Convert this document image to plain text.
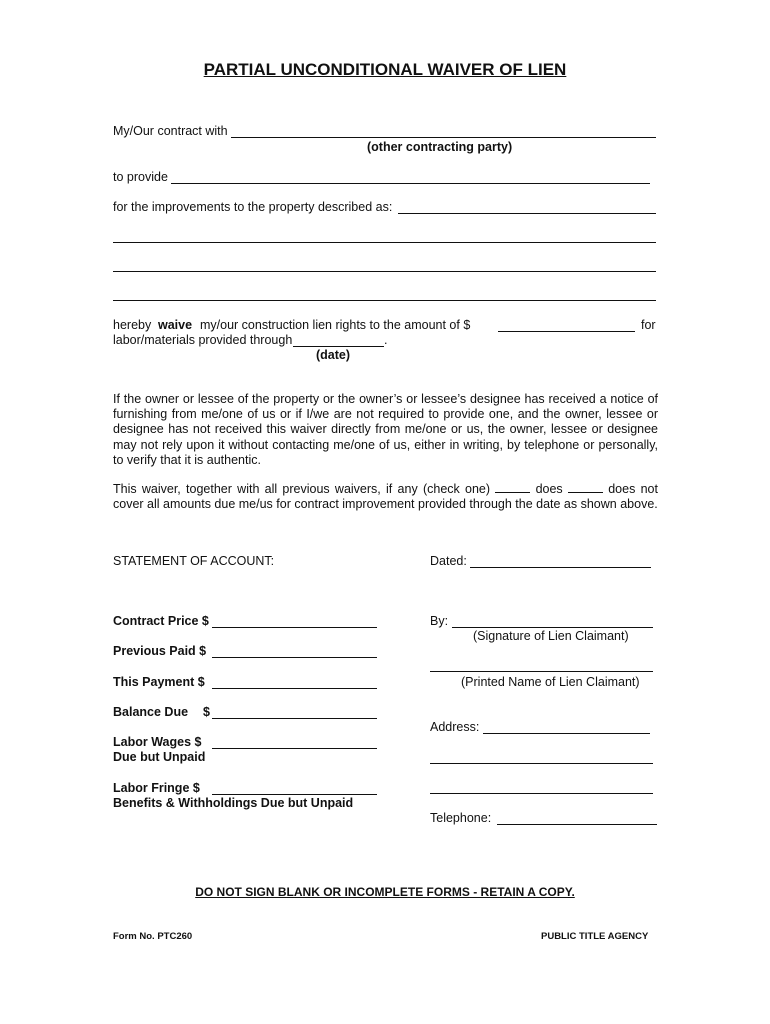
PARTIAL UNCONDITIONAL WAIVER OF LIEN
My/Our contract with
(other contracting party)
to provide
for the improvements to the property described as:
hereby waive my/our construction lien rights to the amount of $	for
labor/materials provided through	.
(date)
If the owner or lessee of the property or the owner’s or lessee’s designee has received a notice of furnishing from me/one of us or if I/we are not required to provide one, and the owner, lessee or designee has not received this waiver directly from me/one or us, the owner, lessee or designee may not rely upon it without contacting me/one of us, either in writing, by telephone or personally, to verify that it is authentic.
This waiver, together with all previous waivers, if any (check one)	does	does not cover all amounts due me/us for contract improvement provided through the date as shown above.
STATEMENT OF ACCOUNT:	Dated:
Contract Price $
Previous Paid $
This Payment $
Balance Due $
Labor Wages $
Due but Unpaid
Labor Fringe $
Benefits & Withholdings Due but Unpaid
By:
(Signature of Lien Claimant)
(Printed Name of Lien Claimant)
Address:
Telephone:
DO NOT SIGN BLANK OR INCOMPLETE FORMS - RETAIN A COPY.
Form No. PTC260	PUBLIC TITLE AGENCY
